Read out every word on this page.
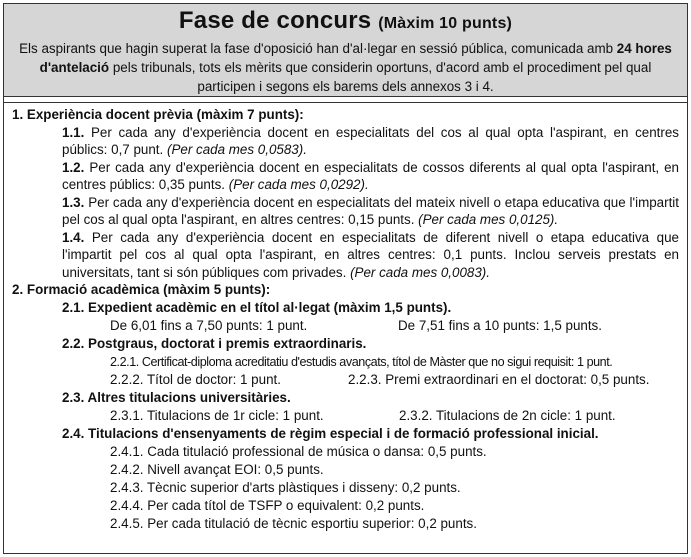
Fase de concurs (Màxim 10 punts)
Els aspirants que hagin superat la fase d'oposició han d'al·legar en sessió pública, comunicada amb 24 hores d'antelació pels tribunals, tots els mèrits que considerin oportuns, d'acord amb el procediment pel qual participen i segons els barems dels annexos 3 i 4.
1. Experiència docent prèvia (màxim 7 punts):
1.1. Per cada any d'experiència docent en especialitats del cos al qual opta l'aspirant, en centres públics: 0,7 punt. (Per cada mes 0,0583).
1.2. Per cada any d'experiència docent en especialitats de cossos diferents al qual opta l'aspirant, en centres públics: 0,35 punts. (Per cada mes 0,0292).
1.3. Per cada any d'experiència docent en especialitats del mateix nivell o etapa educativa que l'impartit pel cos al qual opta l'aspirant, en altres centres: 0,15 punts. (Per cada mes 0,0125).
1.4. Per cada any d'experiència docent en especialitats de diferent nivell o etapa educativa que l'impartit pel cos al qual opta l'aspirant, en altres centres: 0,1 punts. Inclou serveis prestats en universitats, tant si són públiques com privades. (Per cada mes 0,0083).
2. Formació acadèmica (màxim 5 punts):
2.1. Expedient acadèmic en el títol al·legat (màxim 1,5 punts).
De 6,01 fins a 7,50 punts: 1 punt.	De 7,51 fins a 10 punts: 1,5 punts.
2.2. Postgraus, doctorat i premis extraordinaris.
2.2.1. Certificat-diploma acreditatiu d'estudis avançats, títol de Màster que no sigui requisit: 1 punt.
2.2.2. Títol de doctor: 1 punt.	2.2.3. Premi extraordinari en el doctorat: 0,5 punts.
2.3. Altres titulacions universitàries.
2.3.1. Titulacions de 1r cicle: 1 punt.	2.3.2. Titulacions de 2n cicle: 1 punt.
2.4. Titulacions d'ensenyaments de règim especial i de formació professional inicial.
2.4.1. Cada titulació professional de música o dansa: 0,5 punts.
2.4.2. Nivell avançat EOI: 0,5 punts.
2.4.3. Tècnic superior d'arts plàstiques i disseny: 0,2 punts.
2.4.4. Per cada títol de TSFP o equivalent: 0,2 punts.
2.4.5. Per cada titulació de tècnic esportiu superior: 0,2 punts.
